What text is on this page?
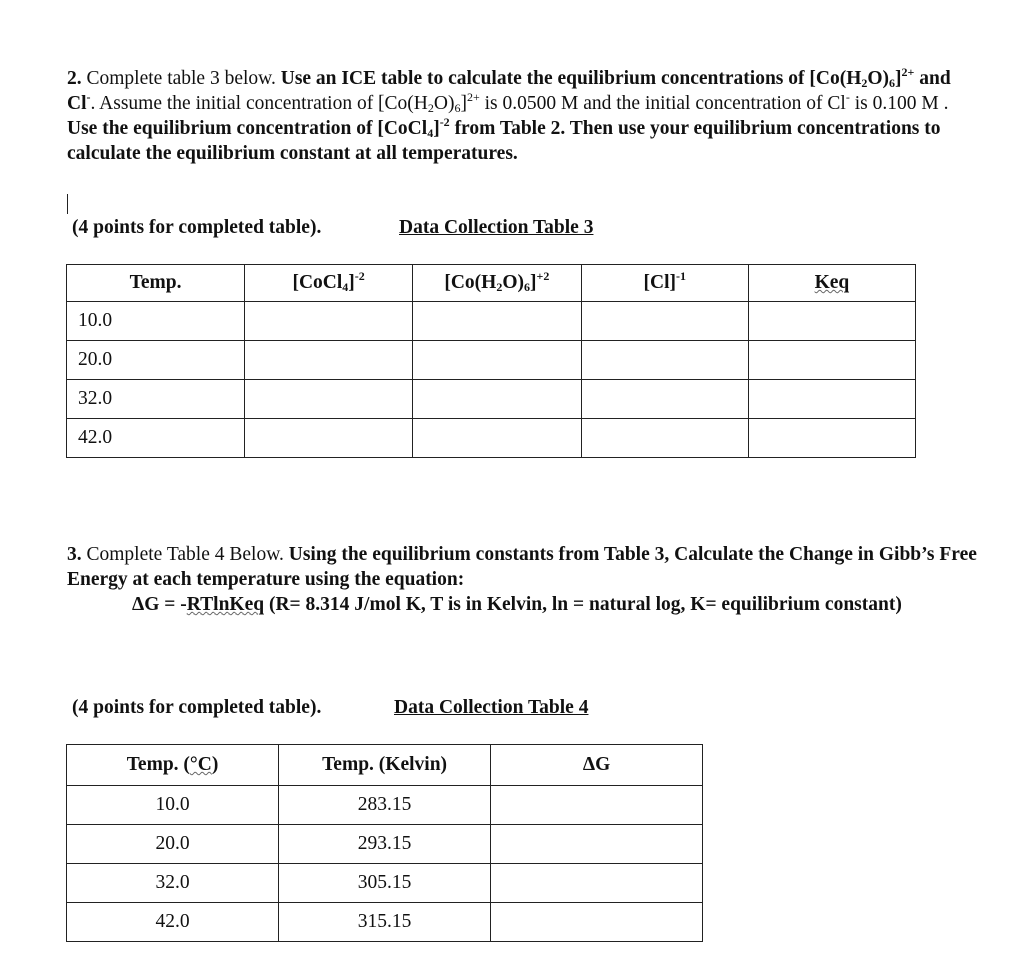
2. Complete table 3 below. Use an ICE table to calculate the equilibrium concentrations of $[Co(H_2O)_6]^{2+}$ and Cl-. Assume the initial concentration of $[Co(H_2O)_6]^{2+}$ is 0.0500 M and the initial concentration of Cl- is 0.100 M . Use the equilibrium concentration of [CoCl$_4$]$^{-2}$ from Table 2. Then use your equilibrium concentrations to calculate the equilibrium constant at all temperatures.
(4 points for completed table).	Data Collection Table 3
Temp.	[CoCl$_4$]$^{-2}$	$[Co(H_2O)_6]^{+2}$	$[Cl]^{-1}$	Keq
10.0				
20.0				
32.0				
42.0				
3. Complete Table 4 Below. Using the equilibrium constants from Table 3, Calculate the Change in Gibb’s Free Energy at each temperature using the equation:
ΔG = -RTlnKeq (R= 8.314 J/mol K, T is in Kelvin, ln = natural log, K= equilibrium constant)
(4 points for completed table).	Data Collection Table 4
Temp. (°C)	Temp. (Kelvin)	ΔG
10.0	283.15	
20.0	293.15	
32.0	305.15	
42.0	315.15	
